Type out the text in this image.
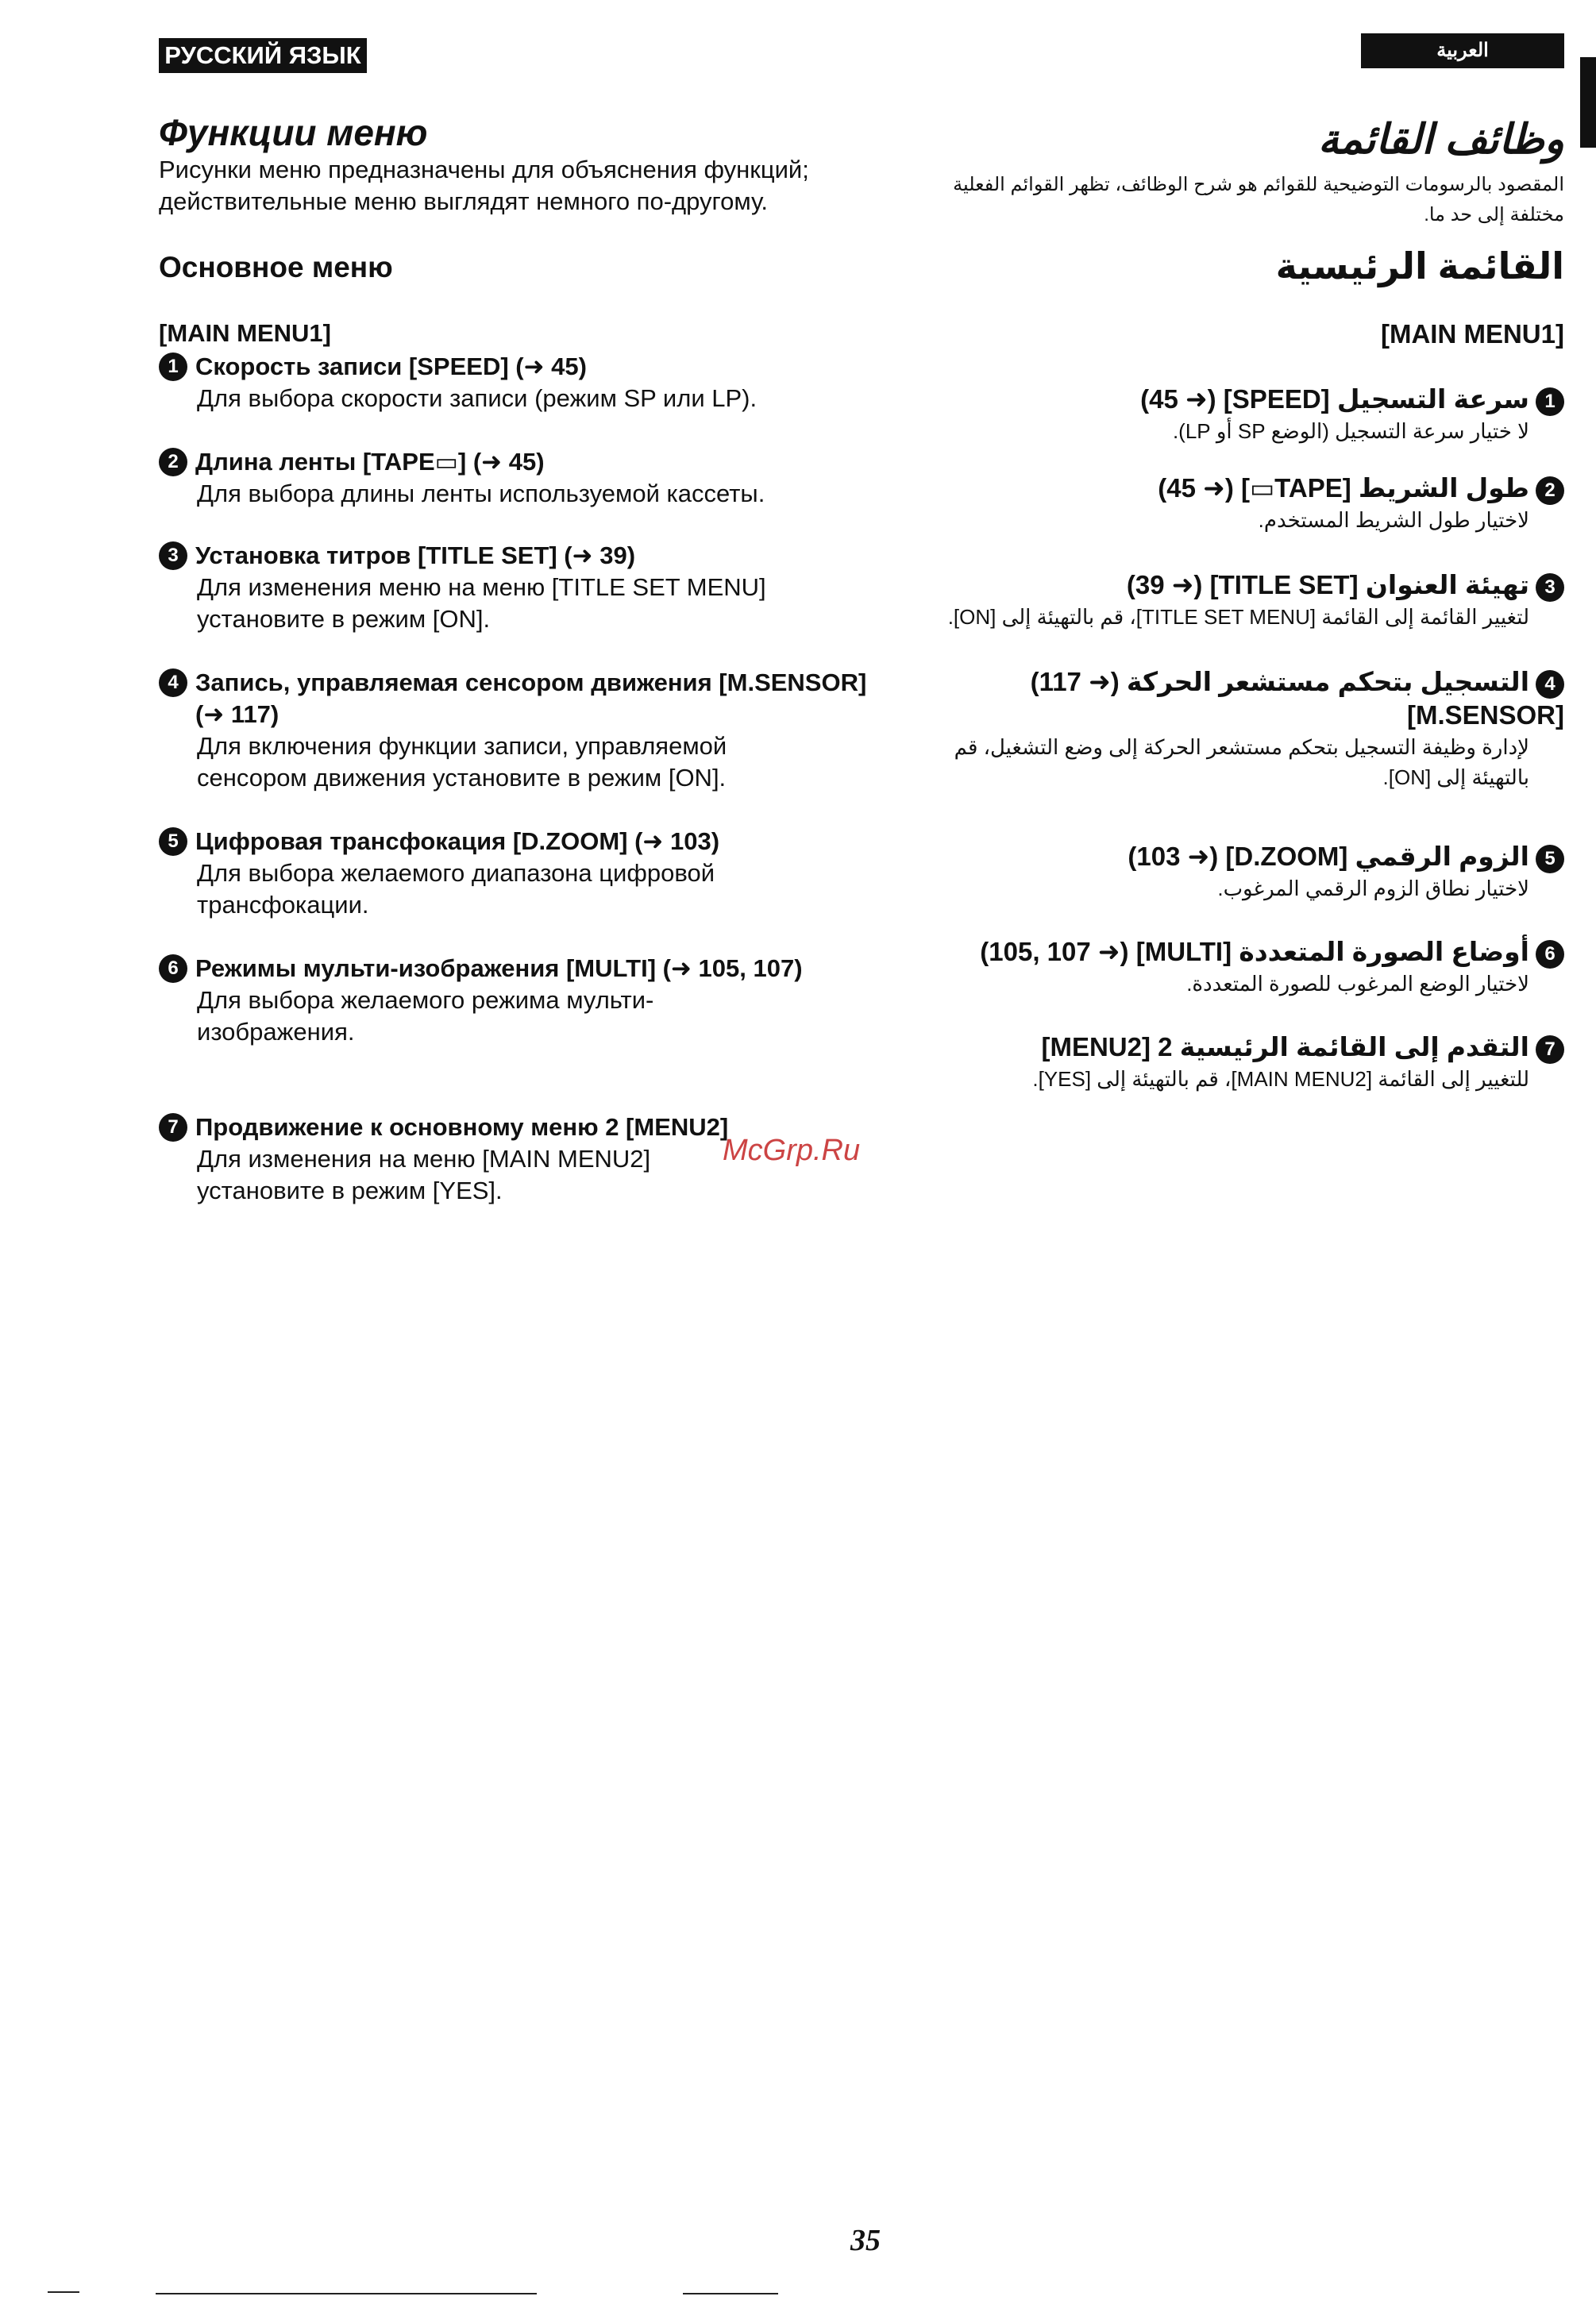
РУССКИЙ ЯЗЫК	العربية
Функции меню
Рисунки меню предназначены для объяснения функций; действительные меню выглядят немного по-другому.
Основное меню
[MAIN MENU1]
1 Скорость записи [SPEED] (➜ 45)
Для выбора скорости записи (режим SP или LP).
2 Длина ленты [TAPE▭] (➜ 45)
Для выбора длины ленты используемой кассеты.
3 Установка титров [TITLE SET] (➜ 39)
Для изменения меню на меню [TITLE SET MENU] установите в режим [ON].
4 Запись, управляемая сенсором движения [M.SENSOR](➜ 117)
Для включения функции записи, управляемой сенсором движения установите в режим [ON].
5 Цифровая трансфокация [D.ZOOM] (➜ 103)
Для выбора желаемого диапазона цифровой трансфокации.
6 Режимы мульти-изображения [MULTI] (➜ 105, 107)
Для выбора желаемого режима мульти-изображения.
7 Продвижение к основному меню 2 [MENU2]
Для изменения на меню [MAIN MENU2] установите в режим [YES].
McGrp.Ru
وظائف القائمة
المقصود بالرسومات التوضيحية للقوائم هو شرح الوظائف، تظهر القوائم الفعلية مختلفة إلى حد ما.
القائمة الرئيسية
[MAIN MENU1]
1سرعة التسجيل [SPEED] (➜ 45)
لا ختيار سرعة التسجيل (الوضع SP أو LP).
2طول الشريط [TAPE▭] (➜ 45)
لاختيار طول الشريط المستخدم.
3تهيئة العنوان [TITLE SET] (➜ 39)
لتغيير القائمة إلى القائمة [TITLE SET MENU]، قم بالتهيئة إلى [ON].
4التسجيل بتحكم مستشعر الحركة (➜ 117) [M.SENSOR]
لإدارة وظيفة التسجيل بتحكم مستشعر الحركة إلى وضع التشغيل، قم بالتهيئة إلى [ON].
5الزوم الرقمي [D.ZOOM] (➜ 103)
لاختيار نطاق الزوم الرقمي المرغوب.
6أوضاع الصورة المتعددة [MULTI] (➜ 105, 107)
لاختيار الوضع المرغوب للصورة المتعددة.
7التقدم إلى القائمة الرئيسية 2 [MENU2]
للتغيير إلى القائمة [MAIN MENU2]، قم بالتهيئة إلى [YES].
35
